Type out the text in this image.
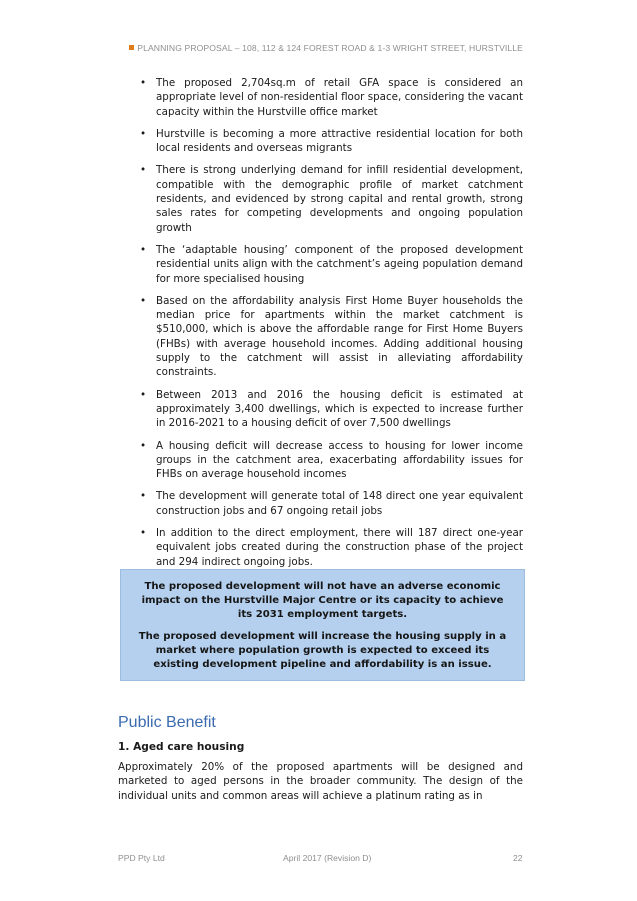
PLANNING PROPOSAL – 108, 112 & 124 FOREST ROAD & 1-3 WRIGHT STREET, HURSTVILLE
• The proposed 2,704sq.m of retail GFA space is considered an appropriate level of non-residential floor space, considering the vacant capacity within the Hurstville office market
• Hurstville is becoming a more attractive residential location for both local residents and overseas migrants
• There is strong underlying demand for infill residential development, compatible with the demographic profile of market catchment residents, and evidenced by strong capital and rental growth, strong sales rates for competing developments and ongoing population growth
• The ‘adaptable housing’ component of the proposed development residential units align with the catchment’s ageing population demand for more specialised housing
• Based on the affordability analysis First Home Buyer households the median price for apartments within the market catchment is $510,000, which is above the affordable range for First Home Buyers (FHBs) with average household incomes. Adding additional housing supply to the catchment will assist in alleviating affordability constraints.
• Between 2013 and 2016 the housing deficit is estimated at approximately 3,400 dwellings, which is expected to increase further in 2016-2021 to a housing deficit of over 7,500 dwellings
• A housing deficit will decrease access to housing for lower income groups in the catchment area, exacerbating affordability issues for FHBs on average household incomes
• The development will generate total of 148 direct one year equivalent construction jobs and 67 ongoing retail jobs
• In addition to the direct employment, there will 187 direct one-year equivalent jobs created during the construction phase of the project and 294 indirect ongoing jobs.

The proposed development will not have an adverse economic impact on the Hurstville Major Centre or its capacity to achieve its 2031 employment targets.

The proposed development will increase the housing supply in a market where population growth is expected to exceed its existing development pipeline and affordability is an issue.

Public Benefit
1. Aged care housing

Approximately 20% of the proposed apartments will be designed and marketed to aged persons in the broader community. The design of the individual units and common areas will achieve a platinum rating as in

PPD Pty Ltd	April 2017 (Revision D)	22
